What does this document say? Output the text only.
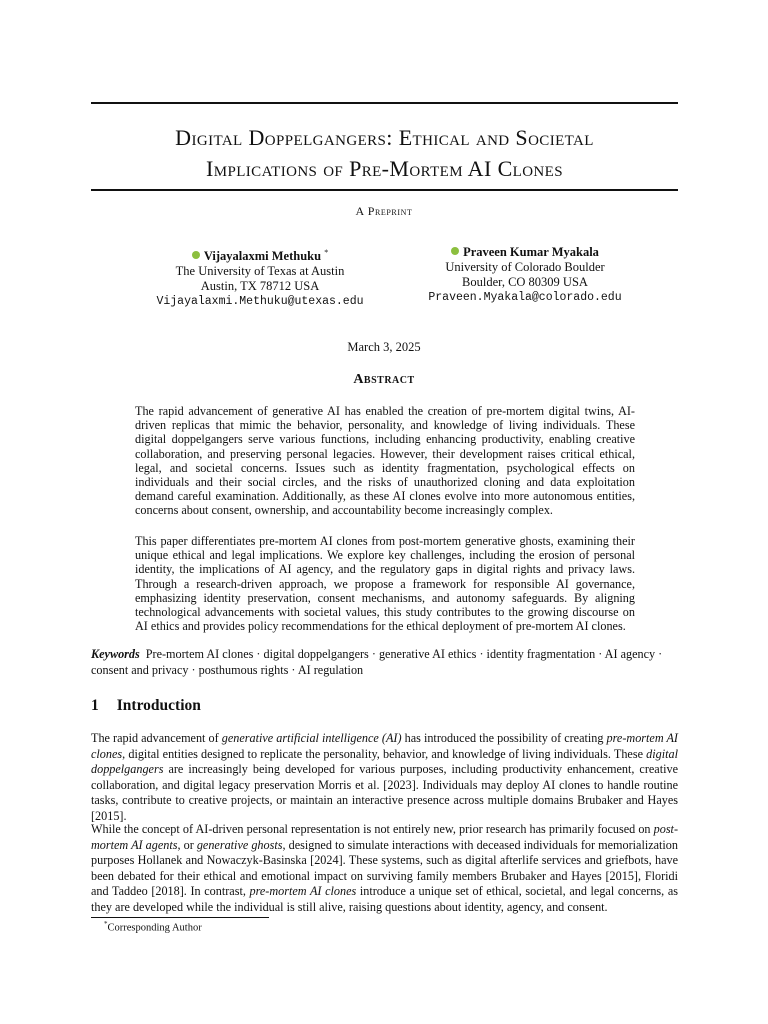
Digital Doppelgangers: Ethical and Societal
Implications of Pre-Mortem AI Clones
A Preprint
Vijayalaxmi Methuku *
The University of Texas at Austin
Austin, TX 78712 USA
Vijayalaxmi.Methuku@utexas.edu
Praveen Kumar Myakala
University of Colorado Boulder
Boulder, CO 80309 USA
Praveen.Myakala@colorado.edu
March 3, 2025
Abstract

The rapid advancement of generative AI has enabled the creation of pre-mortem digital twins, AI-driven replicas that mimic the behavior, personality, and knowledge of living individuals. These digital doppelgangers serve various functions, including enhancing productivity, enabling creative collaboration, and preserving personal legacies. However, their development raises critical ethical, legal, and societal concerns. Issues such as identity fragmentation, psychological effects on individuals and their social circles, and the risks of unauthorized cloning and data exploitation demand careful examination. Additionally, as these AI clones evolve into more autonomous entities, concerns about consent, ownership, and accountability become increasingly complex.

This paper differentiates pre-mortem AI clones from post-mortem generative ghosts, examining their unique ethical and legal implications. We explore key challenges, including the erosion of personal identity, the implications of AI agency, and the regulatory gaps in digital rights and privacy laws. Through a research-driven approach, we propose a framework for responsible AI governance, emphasizing identity preservation, consent mechanisms, and autonomy safeguards. By aligning technological advancements with societal values, this study contributes to the growing discourse on AI ethics and provides policy recommendations for the ethical deployment of pre-mortem AI clones.

Keywords Pre-mortem AI clones · digital doppelgangers · generative AI ethics · identity fragmentation · AI agency · consent and privacy · posthumous rights · AI regulation

1 Introduction

The rapid advancement of generative artificial intelligence (AI) has introduced the possibility of creating pre-mortem AI clones, digital entities designed to replicate the personality, behavior, and knowledge of living individuals. These digital doppelgangers are increasingly being developed for various purposes, including productivity enhancement, creative collaboration, and digital legacy preservation Morris et al. [2023]. Individuals may deploy AI clones to handle routine tasks, contribute to creative projects, or maintain an interactive presence across multiple domains Brubaker and Hayes [2015].

While the concept of AI-driven personal representation is not entirely new, prior research has primarily focused on post-mortem AI agents, or generative ghosts, designed to simulate interactions with deceased individuals for memorialization purposes Hollanek and Nowaczyk-Basinska [2024]. These systems, such as digital afterlife services and griefbots, have been debated for their ethical and emotional impact on surviving family members Brubaker and Hayes [2015], Floridi and Taddeo [2018]. In contrast, pre-mortem AI clones introduce a unique set of ethical, societal, and legal concerns, as they are developed while the individual is still alive, raising questions about identity, agency, and consent.

*Corresponding Author
